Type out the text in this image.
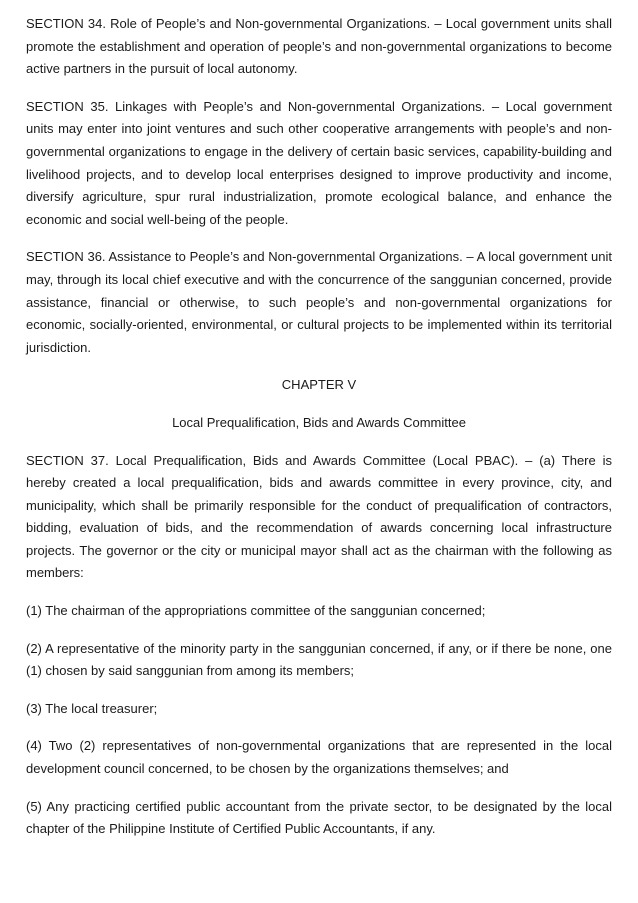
SECTION 34. Role of People’s and Non-governmental Organizations. – Local government units shall promote the establishment and operation of people’s and non-governmental organizations to become active partners in the pursuit of local autonomy.

SECTION 35. Linkages with People’s and Non-governmental Organizations. – Local government units may enter into joint ventures and such other cooperative arrangements with people’s and non-governmental organizations to engage in the delivery of certain basic services, capability-building and livelihood projects, and to develop local enterprises designed to improve productivity and income, diversify agriculture, spur rural industrialization, promote ecological balance, and enhance the economic and social well-being of the people.

SECTION 36. Assistance to People’s and Non-governmental Organizations. – A local government unit may, through its local chief executive and with the concurrence of the sanggunian concerned, provide assistance, financial or otherwise, to such people’s and non-governmental organizations for economic, socially-oriented, environmental, or cultural projects to be implemented within its territorial jurisdiction.

CHAPTER V

Local Prequalification, Bids and Awards Committee

SECTION 37. Local Prequalification, Bids and Awards Committee (Local PBAC). – (a) There is hereby created a local prequalification, bids and awards committee in every province, city, and municipality, which shall be primarily responsible for the conduct of prequalification of contractors, bidding, evaluation of bids, and the recommendation of awards concerning local infrastructure projects. The governor or the city or municipal mayor shall act as the chairman with the following as members:

(1) The chairman of the appropriations committee of the sanggunian concerned;

(2) A representative of the minority party in the sanggunian concerned, if any, or if there be none, one (1) chosen by said sanggunian from among its members;

(3) The local treasurer;

(4) Two (2) representatives of non-governmental organizations that are represented in the local development council concerned, to be chosen by the organizations themselves; and

(5) Any practicing certified public accountant from the private sector, to be designated by the local chapter of the Philippine Institute of Certified Public Accountants, if any.
